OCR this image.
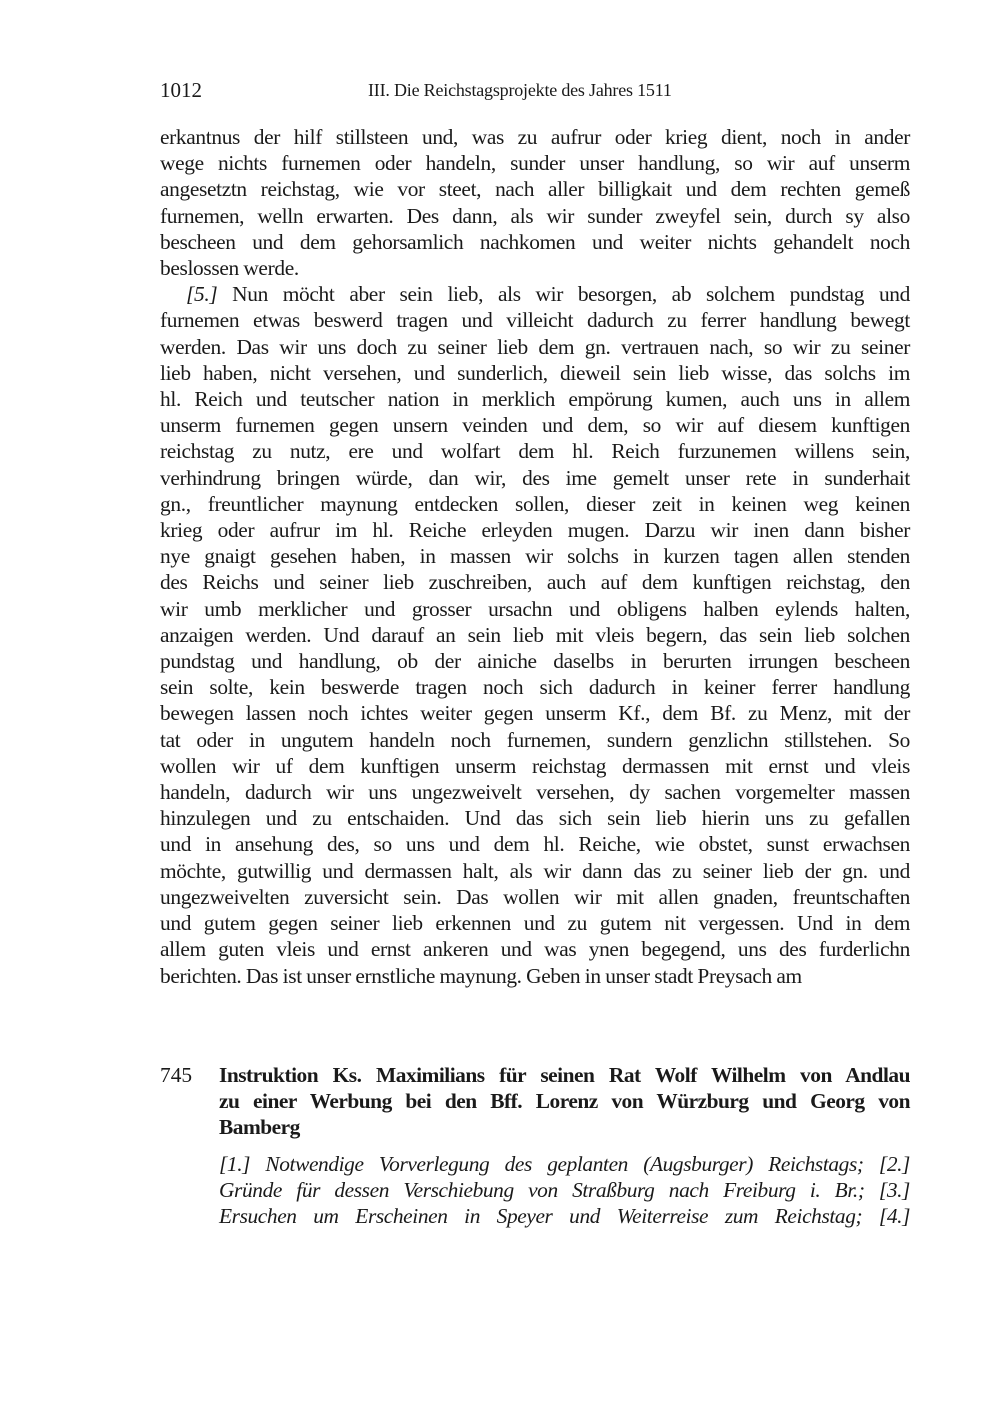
1012	III. Die Reichstagsprojekte des Jahres 1511

erkantnus der hilf stillsteen und, was zu aufrur oder krieg dient, noch in ander
wege nichts furnemen oder handeln, sunder unser handlung, so wir auf unserm
angesetztn reichstag, wie vor steet, nach aller billigkait und dem rechten gemeß
furnemen, welln erwarten. Des dann, als wir sunder zweyfel sein, durch sy also
bescheen und dem gehorsamlich nachkomen und weiter nichts gehandelt noch
beslossen werde.

[5.] Nun möcht aber sein lieb, als wir besorgen, ab solchem pundstag und
furnemen etwas beswerd tragen und villeicht dadurch zu ferrer handlung bewegt
werden. Das wir uns doch zu seiner lieb dem gn. vertrauen nach, so wir zu seiner
lieb haben, nicht versehen, und sunderlich, dieweil sein lieb wisse, das solchs im
hl. Reich und teutscher nation in merklich empörung kumen, auch uns in allem
unserm furnemen gegen unsern veinden und dem, so wir auf diesem kunftigen
reichstag zu nutz, ere und wolfart dem hl. Reich furzunemen willens sein,
verhindrung bringen würde, dan wir, des ime gemelt unser rete in sunderhait
gn., freuntlicher maynung entdecken sollen, dieser zeit in keinen weg keinen
krieg oder aufrur im hl. Reiche erleyden mugen. Darzu wir inen dann bisher
nye gnaigt gesehen haben, in massen wir solchs in kurzen tagen allen stenden
des Reichs und seiner lieb zuschreiben, auch auf dem kunftigen reichstag, den
wir umb merklicher und grosser ursachn und obligens halben eylends halten,
anzaigen werden. Und darauf an sein lieb mit vleis begern, das sein lieb solchen
pundstag und handlung, ob der ainiche daselbs in berurten irrungen bescheen
sein solte, kein beswerde tragen noch sich dadurch in keiner ferrer handlung
bewegen lassen noch ichtes weiter gegen unserm Kf., dem Bf. zu Menz, mit der
tat oder in ungutem handeln noch furnemen, sundern genzlichn stillstehen. So
wollen wir uf dem kunftigen unserm reichstag dermassen mit ernst und vleis
handeln, dadurch wir uns ungezweivelt versehen, dy sachen vorgemelter massen
hinzulegen und zu entschaiden. Und das sich sein lieb hierin uns zu gefallen
und in ansehung des, so uns und dem hl. Reiche, wie obstet, sunst erwachsen
möchte, gutwillig und dermassen halt, als wir dann das zu seiner lieb der gn. und
ungezweivelten zuversicht sein. Das wollen wir mit allen gnaden, freuntschaften
und gutem gegen seiner lieb erkennen und zu gutem nit vergessen. Und in dem
allem guten vleis und ernst ankeren und was ynen begegend, uns des furderlichn
berichten. Das ist unser ernstliche maynung. Geben in unser stadt Preysach am

745 Instruktion Ks. Maximilians für seinen Rat Wolf Wilhelm von Andlau
zu einer Werbung bei den Bff. Lorenz von Würzburg und Georg von
Bamberg
[1.] Notwendige Vorverlegung des geplanten (Augsburger) Reichstags; [2.]
Gründe für dessen Verschiebung von Straßburg nach Freiburg i. Br.; [3.]
Ersuchen um Erscheinen in Speyer und Weiterreise zum Reichstag; [4.]
